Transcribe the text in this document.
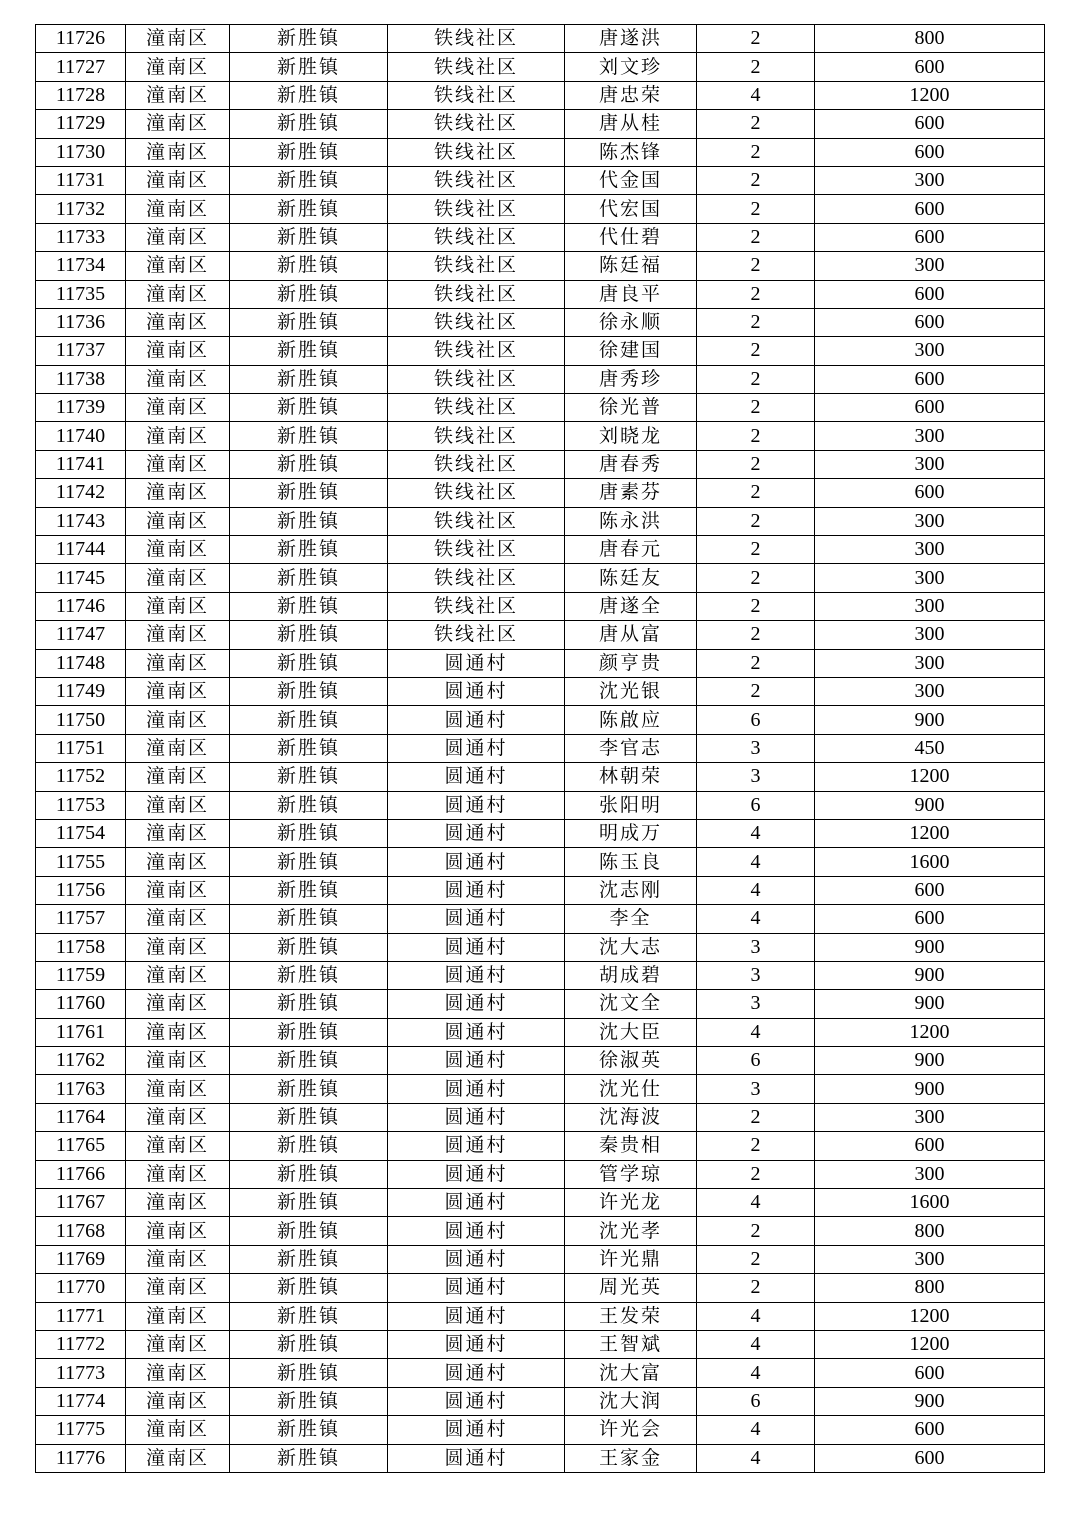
11726	潼南区	新胜镇	铁线社区	唐遂洪	2	800
11727	潼南区	新胜镇	铁线社区	刘文珍	2	600
11728	潼南区	新胜镇	铁线社区	唐忠荣	4	1200
11729	潼南区	新胜镇	铁线社区	唐从桂	2	600
11730	潼南区	新胜镇	铁线社区	陈杰锋	2	600
11731	潼南区	新胜镇	铁线社区	代金国	2	300
11732	潼南区	新胜镇	铁线社区	代宏国	2	600
11733	潼南区	新胜镇	铁线社区	代仕碧	2	600
11734	潼南区	新胜镇	铁线社区	陈廷福	2	300
11735	潼南区	新胜镇	铁线社区	唐良平	2	600
11736	潼南区	新胜镇	铁线社区	徐永顺	2	600
11737	潼南区	新胜镇	铁线社区	徐建国	2	300
11738	潼南区	新胜镇	铁线社区	唐秀珍	2	600
11739	潼南区	新胜镇	铁线社区	徐光普	2	600
11740	潼南区	新胜镇	铁线社区	刘晓龙	2	300
11741	潼南区	新胜镇	铁线社区	唐春秀	2	300
11742	潼南区	新胜镇	铁线社区	唐素芬	2	600
11743	潼南区	新胜镇	铁线社区	陈永洪	2	300
11744	潼南区	新胜镇	铁线社区	唐春元	2	300
11745	潼南区	新胜镇	铁线社区	陈廷友	2	300
11746	潼南区	新胜镇	铁线社区	唐遂全	2	300
11747	潼南区	新胜镇	铁线社区	唐从富	2	300
11748	潼南区	新胜镇	圆通村	颜亨贵	2	300
11749	潼南区	新胜镇	圆通村	沈光银	2	300
11750	潼南区	新胜镇	圆通村	陈啟应	6	900
11751	潼南区	新胜镇	圆通村	李官志	3	450
11752	潼南区	新胜镇	圆通村	林朝荣	3	1200
11753	潼南区	新胜镇	圆通村	张阳明	6	900
11754	潼南区	新胜镇	圆通村	明成万	4	1200
11755	潼南区	新胜镇	圆通村	陈玉良	4	1600
11756	潼南区	新胜镇	圆通村	沈志刚	4	600
11757	潼南区	新胜镇	圆通村	李全	4	600
11758	潼南区	新胜镇	圆通村	沈大志	3	900
11759	潼南区	新胜镇	圆通村	胡成碧	3	900
11760	潼南区	新胜镇	圆通村	沈文全	3	900
11761	潼南区	新胜镇	圆通村	沈大臣	4	1200
11762	潼南区	新胜镇	圆通村	徐淑英	6	900
11763	潼南区	新胜镇	圆通村	沈光仕	3	900
11764	潼南区	新胜镇	圆通村	沈海波	2	300
11765	潼南区	新胜镇	圆通村	秦贵相	2	600
11766	潼南区	新胜镇	圆通村	管学琼	2	300
11767	潼南区	新胜镇	圆通村	许光龙	4	1600
11768	潼南区	新胜镇	圆通村	沈光孝	2	800
11769	潼南区	新胜镇	圆通村	许光鼎	2	300
11770	潼南区	新胜镇	圆通村	周光英	2	800
11771	潼南区	新胜镇	圆通村	王发荣	4	1200
11772	潼南区	新胜镇	圆通村	王智斌	4	1200
11773	潼南区	新胜镇	圆通村	沈大富	4	600
11774	潼南区	新胜镇	圆通村	沈大润	6	900
11775	潼南区	新胜镇	圆通村	许光会	4	600
11776	潼南区	新胜镇	圆通村	王家金	4	600
